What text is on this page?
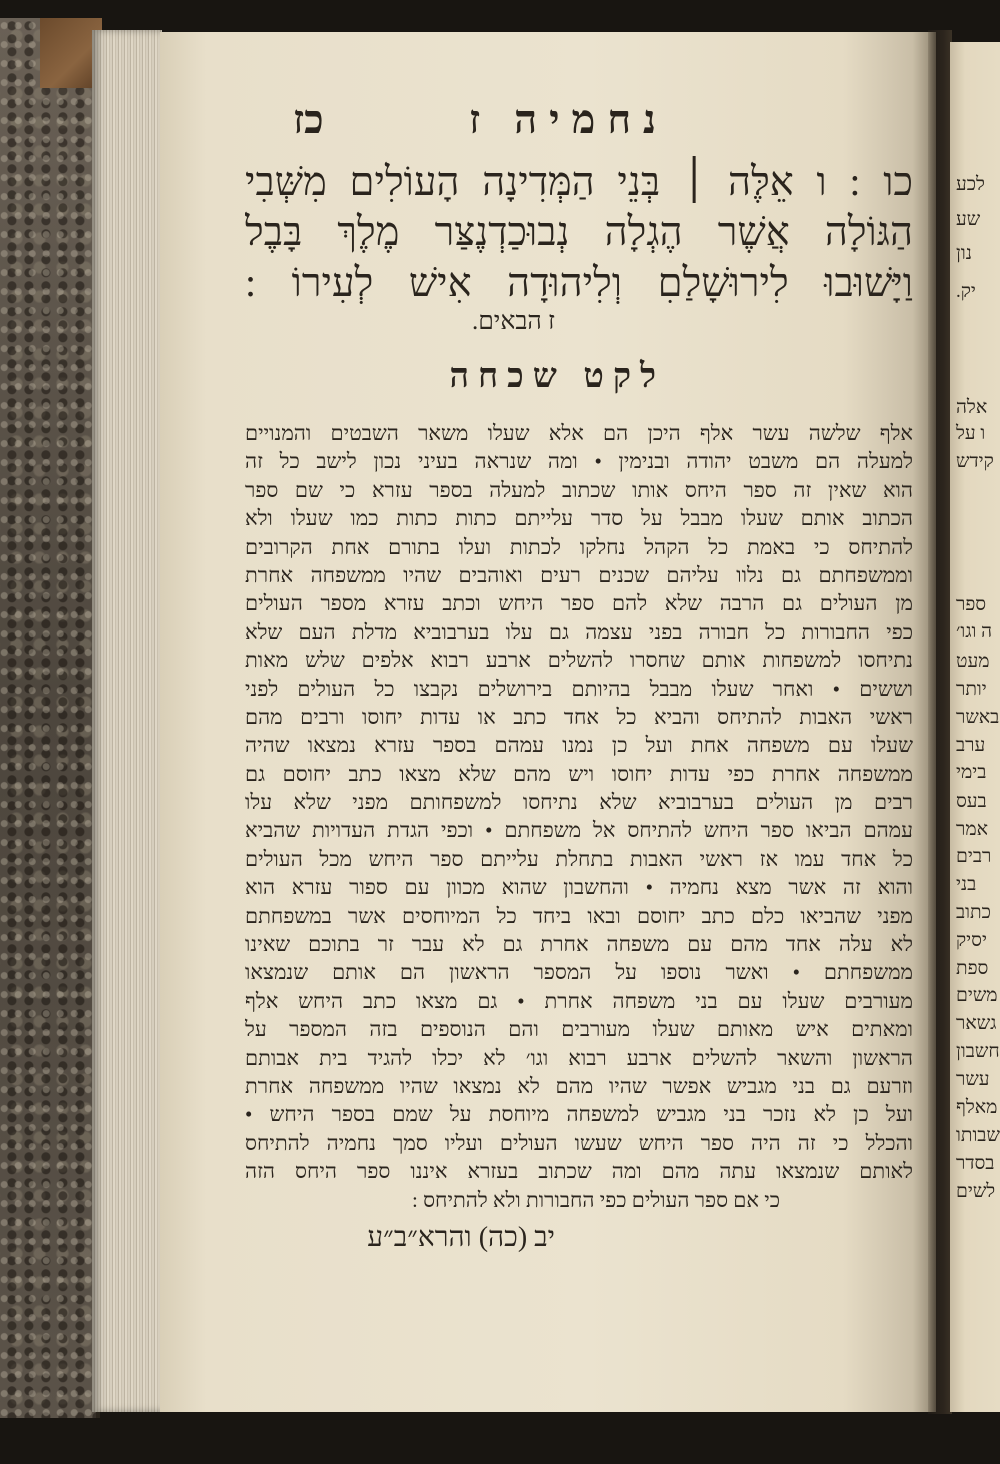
לכע
שע
נון
יק.
אלה
ו על
קידש
ספר
ה וגו׳
מעט
יותר
באשר
ערב
בימי
בעס
אמר
רבים
בני
כתוב
יסיק
ספת
משים
גשאר
חשבון
עשר
מאלף
שבותו
בסדר
לשים
נחמיה ז
כז
כו : ו אֵלֶּה ׀ בְּנֵי הַמְּדִינָה הָעוֹלִים מִשְּׁבִי
הַגּוֹלָה אֲשֶׁר הֶגְלָה נְבוּכַדְנֶצַּר מֶלֶךְ בָּבֶל
וַיָּשׁוּבוּ לִירוּשָׁלַםִ וְלִיהוּדָה אִישׁ לְעִירוֹ :
ז הבאים.
לקט שכחה
אלף שלשה עשר אלף היכן הם אלא שעלו משאר השבטים והמנויים
למעלה הם משבט יהודה ובנימין • ומה שנראה בעיני נכון לישב כל זה
הוא שאין זה ספר היחס אותו שכתוב למעלה בספר עזרא כי שם ספר
הכתוב אותם שעלו מבבל על סדר עלייתם כתות כתות כמו שעלו ולא
להתיחס כי באמת כל הקהל נחלקו לכתות ועלו בתורם אחת הקרובים
וממשפחתם גם נלוו עליהם שכנים רעים ואוהבים שהיו ממשפחה אחרת
מן העולים גם הרבה שלא להם ספר היחש וכתב עזרא מספר העולים
כפי החבורות כל חבורה בפני עצמה גם עלו בערבוביא מדלת העם שלא
נתיחסו למשפחות אותם שחסרו להשלים ארבע רבוא אלפים שלש מאות
וששים • ואחר שעלו מבבל בהיותם בירושלים נקבצו כל העולים לפני
ראשי האבות להתיחס והביא כל אחד כתב או עדות יחוסו ורבים מהם
שעלו עם משפחה אחת ועל כן נמנו עמהם בספר עזרא נמצאו שהיה
ממשפחה אחרת כפי עדות יחוסו ויש מהם שלא מצאו כתב יחוסם גם
רבים מן העולים בערבוביא שלא נתיחסו למשפחותם מפני שלא עלו
עמהם הביאו ספר היחש להתיחס אל משפחתם • וכפי הגדת העדויות שהביא
כל אחד עמו אז ראשי האבות בתחלת עלייתם ספר היחש מכל העולים
והוא זה אשר מצא נחמיה • והחשבון שהוא מכוון עם ספור עזרא הוא
מפני שהביאו כלם כתב יחוסם ובאו ביחד כל המיוחסים אשר במשפחתם
לא עלה אחד מהם עם משפחה אחרת גם לא עבר זר בתוכם שאינו
ממשפחתם • ואשר נוספו על המספר הראשון הם אותם שנמצאו
מעורבים שעלו עם בני משפחה אחרת • גם מצאו כתב היחש אלף
ומאתים איש מאותם שעלו מעורבים והם הנוספים בזה המספר על
הראשון והשאר להשלים ארבע רבוא וגו׳ לא יכלו להגיד בית אבותם
וזרעם גם בני מגביש אפשר שהיו מהם לא נמצאו שהיו ממשפחה אחרת
ועל כן לא נזכר בני מגביש למשפחה מיוחסת על שמם בספר היחש •
והכלל כי זה היה ספר היחש שעשו העולים ועליו סמך נחמיה להתיחס
לאותם שנמצאו עתה מהם ומה שכתוב בעזרא איננו ספר היחס הזה
כי אם ספר העולים כפי החבורות ולא להתיחס :
יב (כה) והרא״ב״ע
